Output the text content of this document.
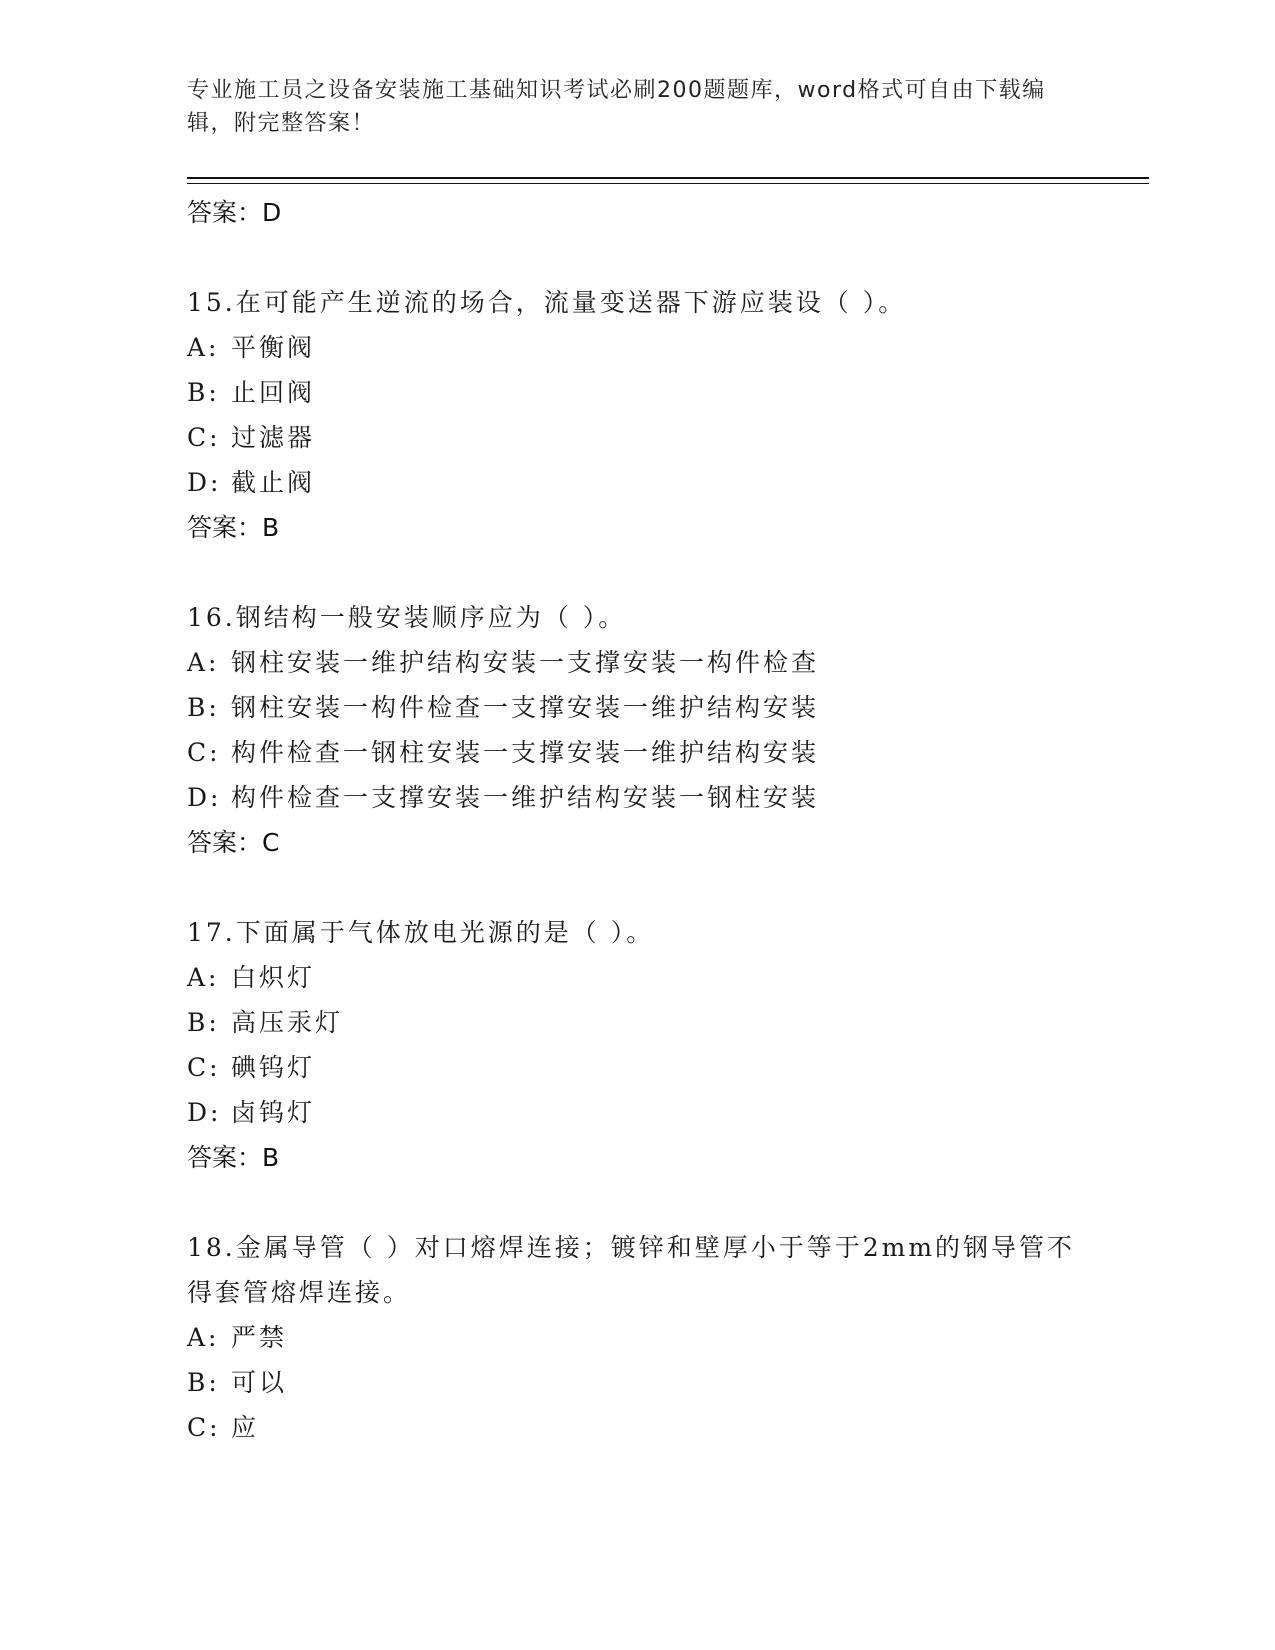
专业施工员之设备安装施工基础知识考试必刷200题题库，word格式可自由下载编辑，附完整答案！
答案：D
15.在可能产生逆流的场合，流量变送器下游应装设（ ）。
A: 平衡阀
B: 止回阀
C: 过滤器
D: 截止阀
答案：B
16.钢结构一般安装顺序应为（ ）。
A: 钢柱安装一维护结构安装一支撑安装一构件检查
B: 钢柱安装一构件检查一支撑安装一维护结构安装
C: 构件检查一钢柱安装一支撑安装一维护结构安装
D: 构件检查一支撑安装一维护结构安装一钢柱安装
答案：C
17.下面属于气体放电光源的是（ ）。
A: 白炽灯
B: 高压汞灯
C: 碘钨灯
D: 卤钨灯
答案：B
18.金属导管（ ）对口熔焊连接；镀锌和壁厚小于等于2mm的钢导管不得套管熔焊连接。
A: 严禁
B: 可以
C: 应
